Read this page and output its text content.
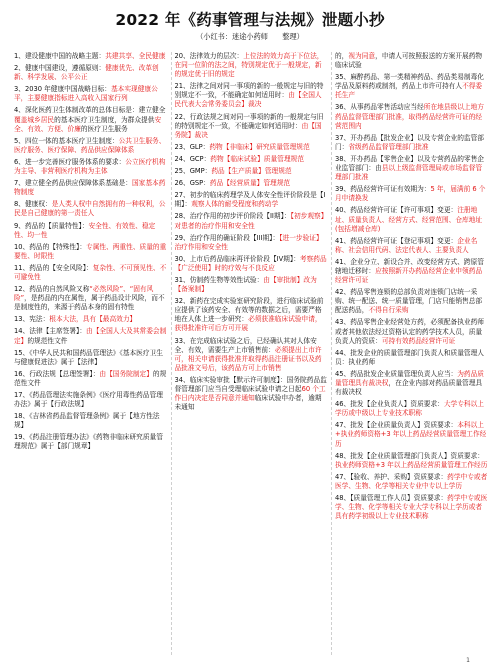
2022 年《药事管理与法规》泄题小抄
（小红书：迷途小药师 整理）
1、建设健康中国的战略主题：共建共享、全民健康
2、健康中国建设，遵循原则：健康优先、改革创新、科学发展、公平公正
3、2030 年健康中国战略目标：基本实现健康公平，主要健康指标进入高收入国家行列
4、深化医药卫生体制改革的总体目标是：建立健全覆盖城乡居民的基本医疗卫生制度，为群众提供安全、有效、方便、价廉的医疗卫生服务
5、四位一体的基本医疗卫生制度：公共卫生服务、医疗服务、医疗保障、药品供应保障体系
6、进一步完善医疗服务体系的要求：公立医疗机构为主导、非营利医疗机构为主体
7、建立健全药品供应保障体系基础是：国家基本药物制度
8、健康权：是人类人权中自然拥有的一种权利，公民是自己健康的第一责任人
9、药品的【质量特性】：安全性、有效性、稳定性、均一性
10、药品的【特殊性】：专属性、两重性、质量的重要性、时限性
11、药品的【安全风险】：复杂性、不可预见性、不可避免性
12、药品的自然风险又称“必然风险”、“固有风险”，是药品的内在属性，属于药品设计风险，而不是制度性的，来源于药品本身的固有特性
13、宪法：根本大法，具有【最高效力】
14、法律【主席签署】：由【全国人大及其常委会制定】的规范性文件
15、《中华人民共和国药品管理法》《基本医疗卫生与健康促进法》属于【法律】
16、行政法规【总理签署】：由【国务院制定】的规范性文件
17、《药品管理法实施条例》《医疗用毒性药品管理办法》属于【行政法规】
18、《吉林省药品监督管理条例》属于【地方性法规】
19、《药品注册管理办法》《药物非临床研究质量管理规范》属于【部门规章】
20、法律效力的层次：上位法的效力高于下位法，在同一位阶的法之间，特别规定优于一般规定，新的规定优于旧的规定
21、法律之间对同一事项的新的一般规定与旧的特别规定不一致，不能确定如何适用时：由【全国人民代表大会常务委员会】裁决
22、行政法规之间对同一事项的新的一般规定与旧的特别规定不一致，不能确定如何适用时：由【国务院】裁决
23、GLP：药物【非临床】研究质量管理规范
24、GCP：药物【临床试验】质量管理规范
25、GMP：药品【生产质量】管理规范
26、GSP：药品【经营质量】管理规范
27、初步的临床药理学及人体安全性评价阶段是【I期】：观察人体的耐受程度和药动学
28、治疗作用的初步评价阶段【II期】：【初步观察】对患者的治疗作用和安全性
29、治疗作用的确证阶段【III期】：【进一步验证】治疗作用和安全性
30、上市后药品临床再评价阶段【IV期】：考察药品【广泛使用】时的疗效与不良反应
31、仿制药生物等效性试验：由【审批制】改为【备案制】
32、新药在完成实验室研究阶段，进行临床试验前应提供了该药安全、有效等的数据之后，需要严格地在人体上进一步研究：必须获准临床试验申请，获得批准许可后方可开展
33、在完成临床试验之后，已经确认其对人体安全、有效，需要生产上市销售前：必须提出上市许可，相关申请获得批准并取得药品注册证书以及药品批准文号后，该药品方可上市销售
34、临床实验审批【默示许可制度】：国务院药品监督管理部门应当自受理临床试验申请之日起60 个工作日内决定是否同意并通知临床试验申办者，逾期未通知
的，视为同意，申请人可按照报送的方案开展药物临床试验
35、麻醉药品、第一类精神药品、药品类易制毒化学品及原料药或制剂，药品上市许可持有人不得委托生产
36、从事药品零售活动应当经所在地县级以上地方药品监督管理部门批准，取得药品经营许可证的经营范围内
37、开办药品【批发企业】以及专营企业的监管部门：省级药品监督管理部门批准
38、开办药品【零售企业】以及专营药品的零售企业监管部门：由县以上级监督管理局或市场监督管理部门批准
39、药品经营许可证有效期为：5 年，届满前 6 个月申请换发
40、药品经营许可证【许可事项】变更：注册地址、质量负责人、经营方式、经营范围、仓库地址(包括增减仓库)
41、药品经营许可证【登记事项】变更：企业名称、社会信用代码、法定代表人、主要负责人
41、企业分立、新设合并、改变经营方式、跨原管辖地迁移时：应按照新开办药品经营企业申领药品经营许可证
42、药品零售连锁的总部负责对连锁门店统一采购、统一配送、统一质量管理，门店只能销售总部配送药品，不得自行采购
43、药品零售企业经营处方药，必须配备执业药师或者其他依法经过资格认定的药学技术人员，质量负责人的资质：可持有效药品经营许可证
44、批发企业的质量管理部门负责人和质量管理人员：执业药师
45、药品批发企业质量管理负责人应当：为药品质量管理具有裁决权，在企业内部对药品质量管理具有裁决权
46、批发【企业负责人】资质要求：大学专科以上学历或中级以上专业技术职称
47、批发【企业质量负责人】资质要求：本科以上+执业药师资格+3 年以上药品经营质量管理工作经历
48、批发【企业质量管理部门负责人】资质要求：执业药师资格+3 年以上药品经营质量管理工作经历
47、【验收、养护、采购】资质要求：药学中专或者医学、生物、化学等相关专业中专以上学历
48、【质量管理工作人员】资质要求：药学中专或医学、生物、化学等相关专业大学专科以上学历或者具有药学初级以上专业技术职称
1
